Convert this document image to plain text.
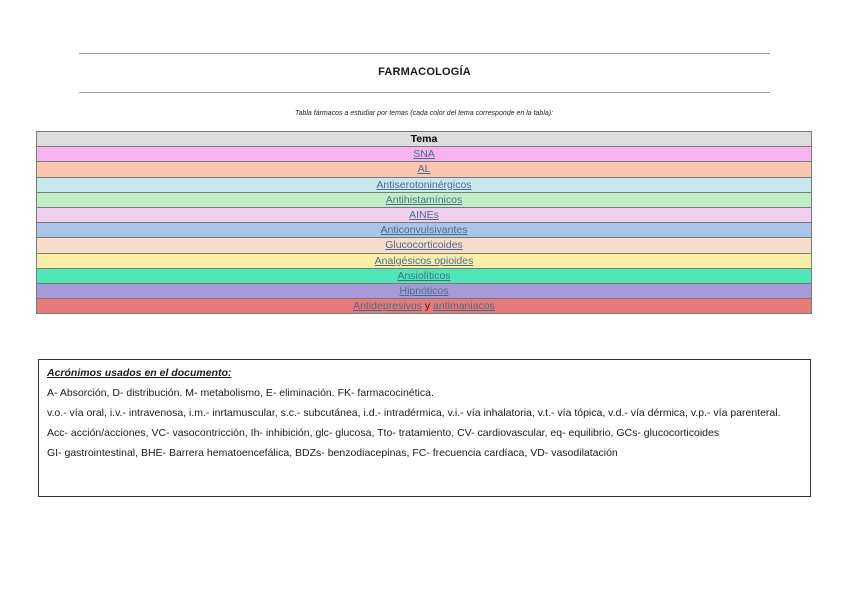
FARMACOLOGÍA
Tabla fármacos a estudiar por temas (cada color del tema corresponde en la tabla):
Tema
SNA
AL
Antiserotoninérgicos
Antihistamínicos
AINEs
Anticonvulsivantes
Glucocorticoides
Analgésicos opioides
Ansiolíticos
Hipnóticos
Antidepresivos y antimaniacos
Acrónimos usados en el documento:
A- Absorción, D- distribución. M- metabolismo, E- eliminación. FK- farmacocinética.
v.o.- vía oral, i.v.- intravenosa, i.m.- inrtamuscular, s.c.- subcutánea, i.d.- intradérmica, v.i.- vía inhalatoria, v.t.- vía tópica, v.d.- vía dérmica, v.p.- vía parenteral.
Acc- acción/acciones, VC- vasocontricción, Ih- inhibición, glc- glucosa, Tto- tratamiento, CV- cardiovascular, eq- equilibrio, GCs- glucocorticoides
GI- gastrointestinal, BHE- Barrera hematoencefálica, BDZs- benzodiacepinas, FC- frecuencia cardíaca, VD- vasodilatación
